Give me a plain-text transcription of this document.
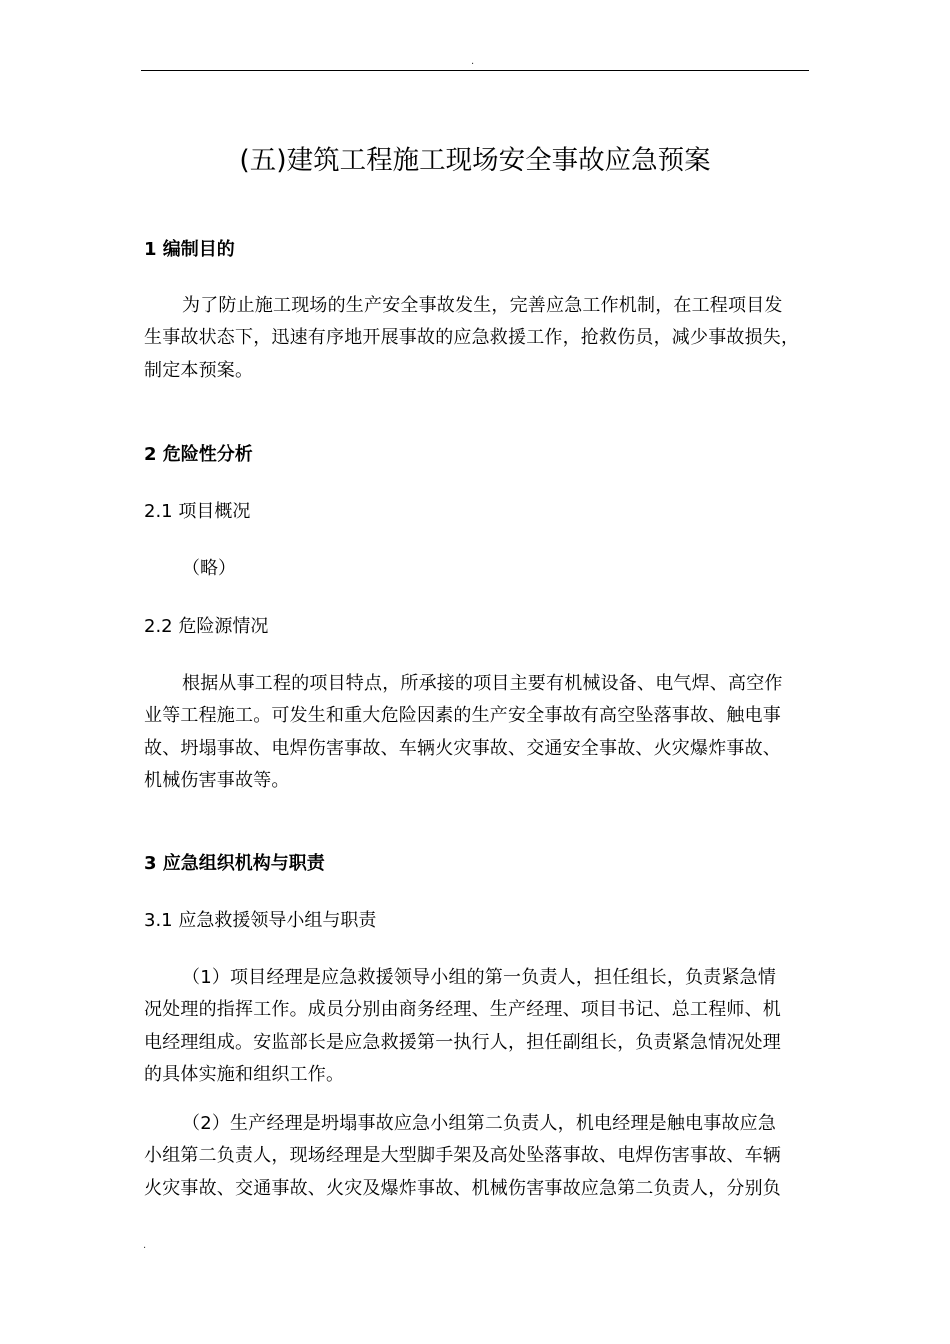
.
(五)建筑工程施工现场安全事故应急预案
1 编制目的
为了防止施工现场的生产安全事故发生，完善应急工作机制，在工程项目发
生事故状态下，迅速有序地开展事故的应急救援工作，抢救伤员，减少事故损失，
制定本预案。
2 危险性分析
2.1 项目概况
（略）
2.2 危险源情况
根据从事工程的项目特点，所承接的项目主要有机械设备、电气焊、高空作
业等工程施工。可发生和重大危险因素的生产安全事故有高空坠落事故、触电事
故、坍塌事故、电焊伤害事故、车辆火灾事故、交通安全事故、火灾爆炸事故、
机械伤害事故等。
3 应急组织机构与职责
3.1 应急救援领导小组与职责
（1）项目经理是应急救援领导小组的第一负责人，担任组长，负责紧急情
况处理的指挥工作。成员分别由商务经理、生产经理、项目书记、总工程师、机
电经理组成。安监部长是应急救援第一执行人，担任副组长，负责紧急情况处理
的具体实施和组织工作。
（2）生产经理是坍塌事故应急小组第二负责人，机电经理是触电事故应急
小组第二负责人，现场经理是大型脚手架及高处坠落事故、电焊伤害事故、车辆
火灾事故、交通事故、火灾及爆炸事故、机械伤害事故应急第二负责人，分别负
.
